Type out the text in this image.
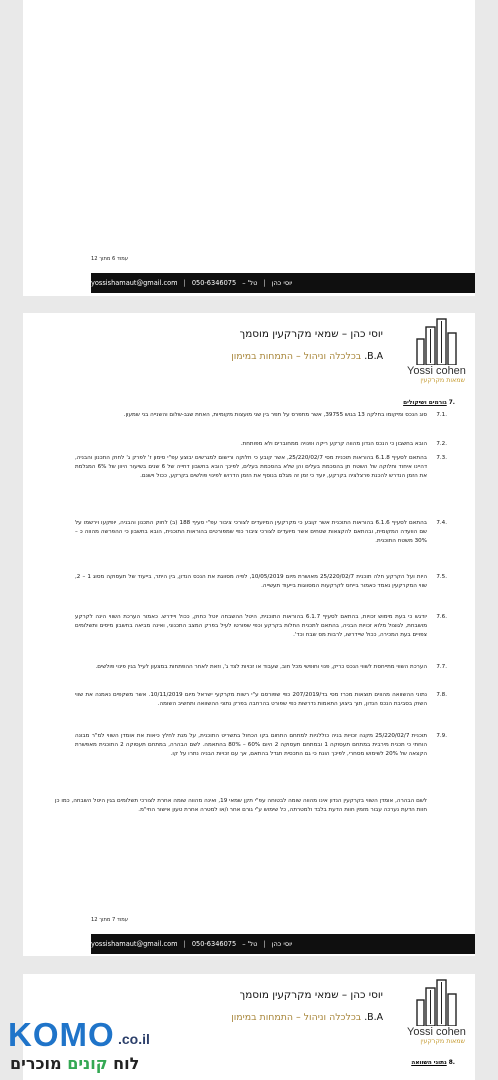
עמוד 6 מתוך 12
יוסי כהן
|
טל' –
050-6346075
|
yossishamaut@gmail.com
Yossi cohen
שמאות מקרקעין
יוסי כהן – שמאי מקרקעין מוסמך
B.A. בכלכלה וניהול – התמחות במימון
.7 גורמים ושיקולים
.7.1

סוג הנכס ומיקומו בחלקה 13 בגוש 39755, אשר מתפרס על תפר בין שני מועצות מקומיות, האחת שגב-שלום והשנייה בני שמעון.

.7.2

הובא בחשבון כי הנכס הנדון מהווה קרקע ריקה ופנויה ממחוברים ולא מפותחת.

.7.3

בהתאם לסעיף 6.1.8 בהוראות תוכנית מסי 25/220/02/7, אשר קובע כי חלוקה ורישום למגרשים יבוצע עפ"י סימון ז' לפרק ג' לחוק התכנון והבניה, דהיינו איחוד וחלוקה של השטח תן בהסכמת בעלים והן שלא בהסכמת בעלים, לפיכך הובא בחשבון דחייה של 6 שנים בשיעור היוון של 6% המגלמת את הזמן הנדרש להכנת פרצלציה בקרקע, יועד כי זמן זה מגלם בנוסף את הזמן הדרוש לפינוי פולשים בקרקע, ככול וישנם.

.7.4

בהתאם לסעיף 6.1.6 בהוראות התוכנית אשר קובע כי מקרקעין המיועדים לצורכי ציבור עפ"י סעיף 188 (ב) לחוק התכנון והבניה, יופקעו וירשמו על שם הוועדה המקומית, ובהתאם להקצאות שטחים אשר מיועדים לצורכי ציבור כפי שמפורטים בהוראות התוכנית, הובא בחשבון כי ההפרשה מהווה כ – 30% משטח התוכנית.

.7.5

היות ועל הקרקע חלה תוכנית 25/220/02/7 מאושרת מיום 10/05/2019, לפיה מסווגת את הנכס הנדון, בין היתר, בייעוד של תעסוקה מסוג 1 – 2, שווי המקרקעין נאמד כאמור בייחס לקרקעות המסווגות בייעוד תעשייה.

.7.6

יודגש כי בעת מימוש זכויות, בהתאם לסעיף 6.1.7 בהוראות התוכנית, היטל ההשבחה יוטל כחוק, ככול ויידרש. כאמור הערכת השווי הינה לקרקע מושבחת, לגוצול מלוא זכויות הבניה, בהתאם לתכנית החלות בקרקע וכפי שפורטו לעיל בפרק המצב התכנוני, ואינה מביאה בחשבון מיסים ותשלומים צפויים בעת המכירה, ככול שיידרשו, לרבות מס שבח וכד'.

.7.7

הערכת השווי מתייחסת לשווי הנכס כריק, פנוי וחופשי מכל חוב, שעבוד או זכויות לצד ג', וזאת לאחר ההפתחות במצעון לעיל בגין פינוי פולשים.

.7.8

נתוני ההשוואה מהווים תוצאות מכרז מסי בד/207/2019 כפי שפורסם ע"י רשות מקרקעי ישראל מיום 10/11/2019. אשר משקפים נאמנה את שווי השוק בסביבת הנכס הנדון, תוך ביצוע התאמות נדרשות כפי שפורט בהרחבה בפרק נתוני ההשוואה ותחשיב השומה.

.7.9

תוכנית 25/220/02/7 מקנה זכויות בניה כוללניות למתחם התחום בקו הכחול בתשריט התוכנית, על מנת לחלץ כיאות את אומדן השווי למ"ר מבונה הוחתי כי תכנית מירבית במתחם תעסוקה 1 ובמתחם תעסוקה 2 היום 60% – 80% בהתאמה. לשם הבהרה, במתחם תעסוקה 2 התוכנית מאפשרת הקצאה של 20% לשימוש מסחרי, לפיכך הונח כי גם התכסית תגדל בהתאם, אך עם זכויות הבניה נתרו על קו.

לשם הבהרה, אומדן השווי בקרקעין הנדון אינו מהווה שומה לבטוחה עפ"י תקן שמאי 19, ואינה מהווה שומה אחרת לצורכי תשלומים בגין היטל השבחה, כמו כן חוות הדעת נערכה עבור מזמין חוות הדעת בלבד ולמטרתה, כל שימוש ע"י גורם אחר ו/או למטרה אחרת טעון אישור החי"מ.
עמוד 7 מתוך 12
יוסי כהן
|
טל' –
050-6346075
|
yossishamaut@gmail.com
Yossi cohen
שמאות מקרקעין
יוסי כהן – שמאי מקרקעין מוסמך
B.A. בכלכלה וניהול – התמחות במימון
.8 נתוני השוואה
KOMO .co.il
לוח קונים מוכרים
